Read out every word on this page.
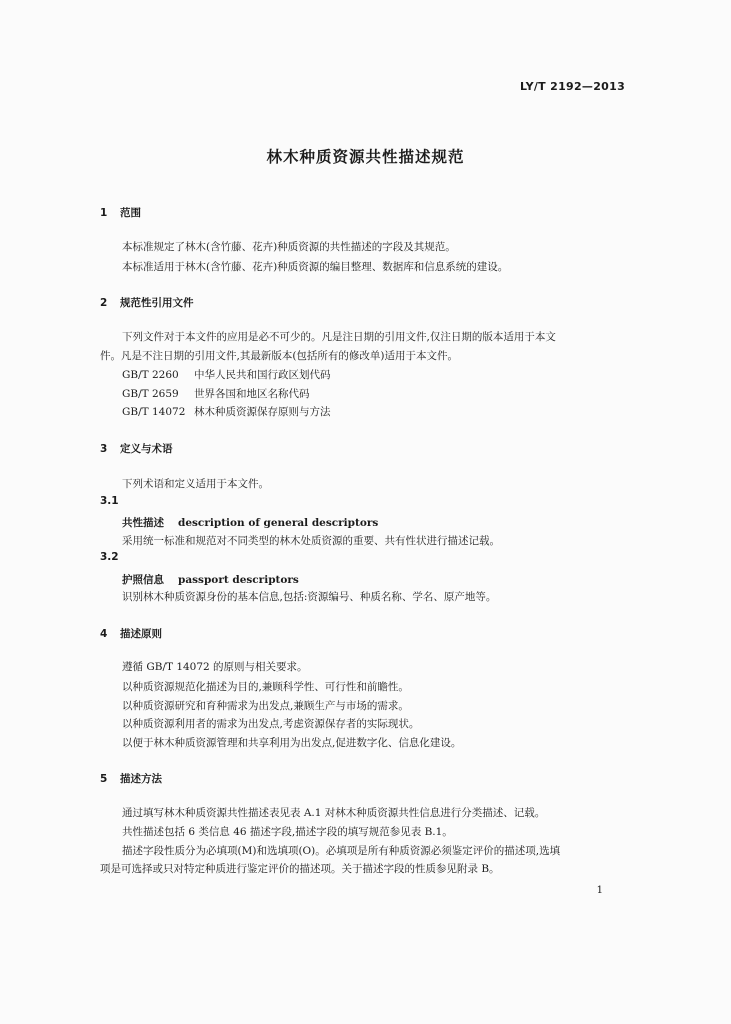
LY/T 2192—2013
林木种质资源共性描述规范
1 范围
本标准规定了林木(含竹藤、花卉)种质资源的共性描述的字段及其规范。
本标准适用于林木(含竹藤、花卉)种质资源的编目整理、数据库和信息系统的建设。
2 规范性引用文件
下列文件对于本文件的应用是必不可少的。凡是注日期的引用文件,仅注日期的版本适用于本文
件。凡是不注日期的引用文件,其最新版本(包括所有的修改单)适用于本文件。
GB/T 2260 中华人民共和国行政区划代码
GB/T 2659 世界各国和地区名称代码
GB/T 14072 林木种质资源保存原则与方法
3 定义与术语
下列术语和定义适用于本文件。
3.1
共性描述 description of general descriptors
采用统一标准和规范对不同类型的林木处质资源的重要、共有性状进行描述记载。
3.2
护照信息 passport descriptors
识别林木种质资源身份的基本信息,包括:资源编号、种质名称、学名、原产地等。
4 描述原则
遵循 GB/T 14072 的原则与相关要求。
以种质资源规范化描述为目的,兼顾科学性、可行性和前瞻性。
以种质资源研究和育种需求为出发点,兼顾生产与市场的需求。
以种质资源利用者的需求为出发点,考虑资源保存者的实际现状。
以便于林木种质资源管理和共享利用为出发点,促进数字化、信息化建设。
5 描述方法
通过填写林木种质资源共性描述表见表 A.1 对林木种质资源共性信息进行分类描述、记载。
共性描述包括 6 类信息 46 描述字段,描述字段的填写规范参见表 B.1。
描述字段性质分为必填项(M)和选填项(O)。必填项是所有种质资源必须鉴定评价的描述项,选填
项是可选择或只对特定种质进行鉴定评价的描述项。关于描述字段的性质参见附录 B。
1
